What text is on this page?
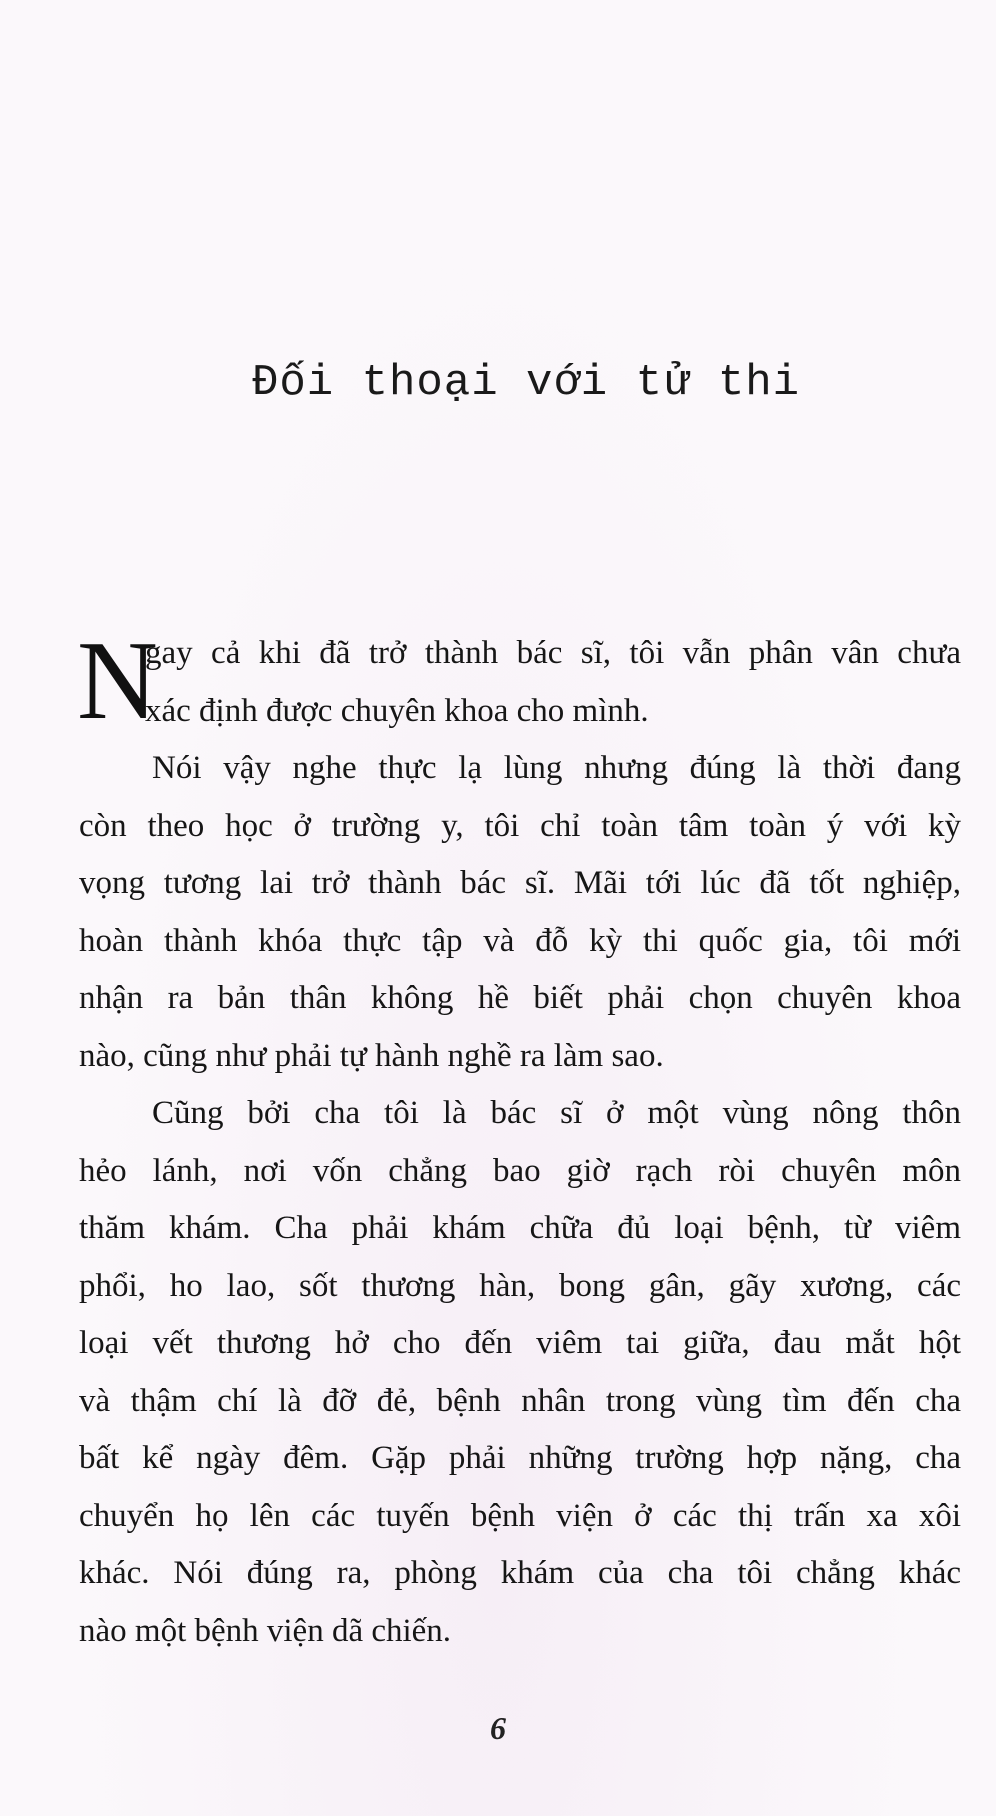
Đối thoại với tử thi
N
gay cả khi đã trở thành bác sĩ, tôi vẫn phân vân chưa
xác định được chuyên khoa cho mình.
Nói vậy nghe thực lạ lùng nhưng đúng là thời đang
còn theo học ở trường y, tôi chỉ toàn tâm toàn ý với kỳ
vọng tương lai trở thành bác sĩ. Mãi tới lúc đã tốt nghiệp,
hoàn thành khóa thực tập và đỗ kỳ thi quốc gia, tôi mới
nhận ra bản thân không hề biết phải chọn chuyên khoa
nào, cũng như phải tự hành nghề ra làm sao.
Cũng bởi cha tôi là bác sĩ ở một vùng nông thôn
hẻo lánh, nơi vốn chẳng bao giờ rạch ròi chuyên môn
thăm khám. Cha phải khám chữa đủ loại bệnh, từ viêm
phổi, ho lao, sốt thương hàn, bong gân, gãy xương, các
loại vết thương hở cho đến viêm tai giữa, đau mắt hột
và thậm chí là đỡ đẻ, bệnh nhân trong vùng tìm đến cha
bất kể ngày đêm. Gặp phải những trường hợp nặng, cha
chuyển họ lên các tuyến bệnh viện ở các thị trấn xa xôi
khác. Nói đúng ra, phòng khám của cha tôi chẳng khác
nào một bệnh viện dã chiến.
6
